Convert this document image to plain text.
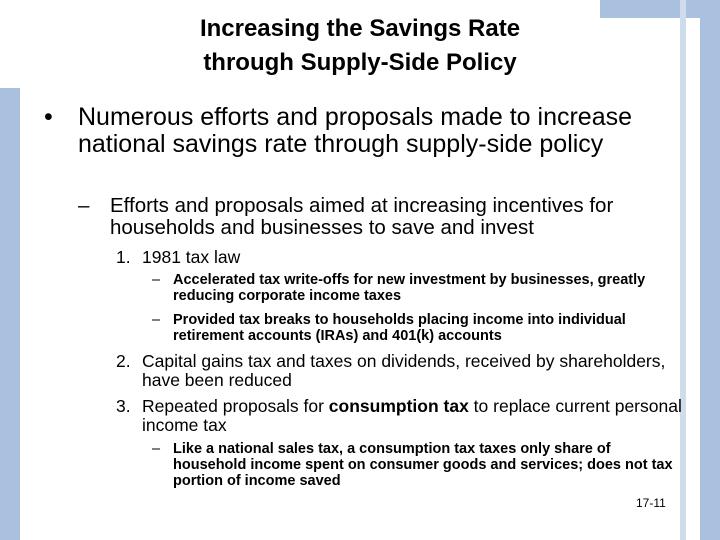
Increasing the Savings Rate
through Supply-Side Policy
• Numerous efforts and proposals made to increase national savings rate through supply-side policy
– Efforts and proposals aimed at increasing incentives for households and businesses to save and invest
1. 1981 tax law
– Accelerated tax write-offs for new investment by businesses, greatly reducing corporate income taxes
– Provided tax breaks to households placing income into individual retirement accounts (IRAs) and 401(k) accounts
2. Capital gains tax and taxes on dividends, received by shareholders, have been reduced
3. Repeated proposals for consumption tax to replace current personal income tax
– Like a national sales tax, a consumption tax taxes only share of household income spent on consumer goods and services; does not tax portion of income saved
17-11
